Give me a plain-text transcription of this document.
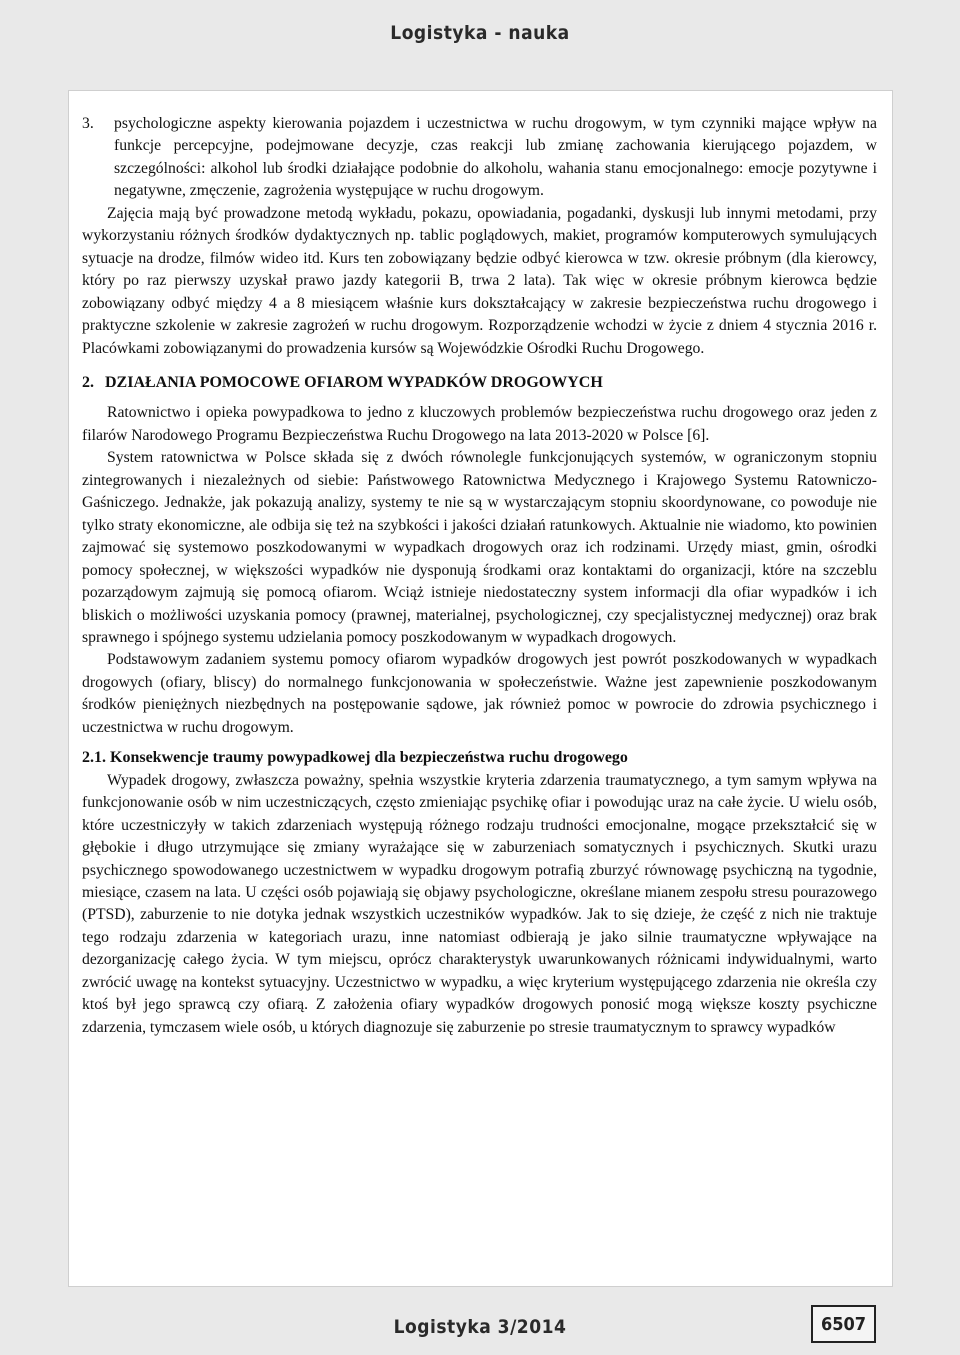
Logistyka - nauka
3.	psychologiczne aspekty kierowania pojazdem i uczestnictwa w ruchu drogowym, w tym czynniki mające wpływ na funkcje percepcyjne, podejmowane decyzje, czas reakcji lub zmianę zachowania kierującego pojazdem, w szczególności: alkohol lub środki działające podobnie do alkoholu, wahania stanu emocjonalnego: emocje pozytywne i negatywne, zmęczenie, zagrożenia występujące w ruchu drogowym.

Zajęcia mają być prowadzone metodą wykładu, pokazu, opowiadania, pogadanki, dyskusji lub innymi metodami, przy wykorzystaniu różnych środków dydaktycznych np. tablic poglądowych, makiet, programów komputerowych symulujących sytuacje na drodze, filmów wideo itd. Kurs ten zobowiązany będzie odbyć kierowca w tzw. okresie próbnym (dla kierowcy, który po raz pierwszy uzyskał prawo jazdy kategorii B, trwa 2 lata). Tak więc w okresie próbnym kierowca będzie zobowiązany odbyć między 4 a 8 miesiącem właśnie kurs dokształcający w zakresie bezpieczeństwa ruchu drogowego i praktyczne szkolenie w zakresie zagrożeń w ruchu drogowym. Rozporządzenie wchodzi w życie z dniem 4 stycznia 2016 r. Placówkami zobowiązanymi do prowadzenia kursów są Wojewódzkie Ośrodki Ruchu Drogowego.

2. DZIAŁANIA POMOCOWE OFIAROM WYPADKÓW DROGOWYCH

Ratownictwo i opieka powypadkowa to jedno z kluczowych problemów bezpieczeństwa ruchu drogowego oraz jeden z filarów Narodowego Programu Bezpieczeństwa Ruchu Drogowego na lata 2013-2020 w Polsce [6].

System ratownictwa w Polsce składa się z dwóch równolegle funkcjonujących systemów, w ograniczonym stopniu zintegrowanych i niezależnych od siebie: Państwowego Ratownictwa Medycznego i Krajowego Systemu Ratowniczo-Gaśniczego. Jednakże, jak pokazują analizy, systemy te nie są w wystarczającym stopniu skoordynowane, co powoduje nie tylko straty ekonomiczne, ale odbija się też na szybkości i jakości działań ratunkowych. Aktualnie nie wiadomo, kto powinien zajmować się systemowo poszkodowanymi w wypadkach drogowych oraz ich rodzinami. Urzędy miast, gmin, ośrodki pomocy społecznej, w większości wypadków nie dysponują środkami oraz kontaktami do organizacji, które na szczeblu pozarządowym zajmują się pomocą ofiarom. Wciąż istnieje niedostateczny system informacji dla ofiar wypadków i ich bliskich o możliwości uzyskania pomocy (prawnej, materialnej, psychologicznej, czy specjalistycznej medycznej) oraz brak sprawnego i spójnego systemu udzielania pomocy poszkodowanym w wypadkach drogowych.

Podstawowym zadaniem systemu pomocy ofiarom wypadków drogowych jest powrót poszkodowanych w wypadkach drogowych (ofiary, bliscy) do normalnego funkcjonowania w społeczeństwie. Ważne jest zapewnienie poszkodowanym środków pieniężnych niezbędnych na postępowanie sądowe, jak również pomoc w powrocie do zdrowia psychicznego i uczestnictwa w ruchu drogowym.

2.1. Konsekwencje traumy powypadkowej dla bezpieczeństwa ruchu drogowego

Wypadek drogowy, zwłaszcza poważny, spełnia wszystkie kryteria zdarzenia traumatycznego, a tym samym wpływa na funkcjonowanie osób w nim uczestniczących, często zmieniając psychikę ofiar i powodując uraz na całe życie. U wielu osób, które uczestniczyły w takich zdarzeniach występują różnego rodzaju trudności emocjonalne, mogące przekształcić się w głębokie i długo utrzymujące się zmiany wyrażające się w zaburzeniach somatycznych i psychicznych. Skutki urazu psychicznego spowodowanego uczestnictwem w wypadku drogowym potrafią zburzyć równowagę psychiczną na tygodnie, miesiące, czasem na lata. U części osób pojawiają się objawy psychologiczne, określane mianem zespołu stresu pourazowego (PTSD), zaburzenie to nie dotyka jednak wszystkich uczestników wypadków. Jak to się dzieje, że część z nich nie traktuje tego rodzaju zdarzenia w kategoriach urazu, inne natomiast odbierają je jako silnie traumatyczne wpływające na dezorganizację całego życia. W tym miejscu, oprócz charakterystyk uwarunkowanych różnicami indywidualnymi, warto zwrócić uwagę na kontekst sytuacyjny. Uczestnictwo w wypadku, a więc kryterium występującego zdarzenia nie określa czy ktoś był jego sprawcą czy ofiarą. Z założenia ofiary wypadków drogowych ponosić mogą większe koszty psychiczne zdarzenia, tymczasem wiele osób, u których diagnozuje się zaburzenie po stresie traumatycznym to sprawcy wypadków

Logistyka 3/2014	6507
